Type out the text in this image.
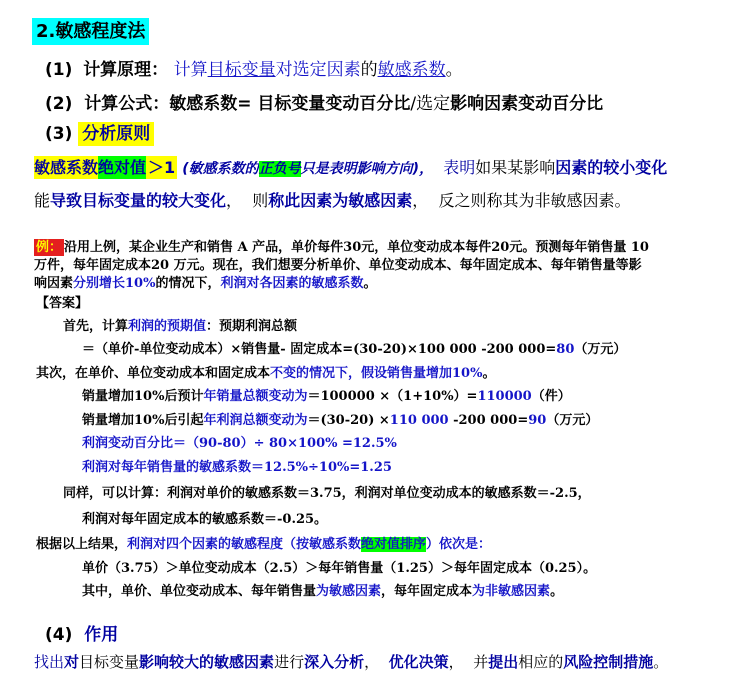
2.敏感程度法
(1) 计算原理： 计算目标变量对选定因素的敏感系数。
(2) 计算公式：敏感系数= 目标变量变动百分比/选定影响因素变动百分比
(3) 分析原则
敏感系数绝对值 ＞1 (敏感系数的正负号只是表明影响方向)， 表明如果某影响因素的较小变化
能导致目标变量的较大变化， 则称此因素为敏感因素， 反之则称其为非敏感因素。
例： 沿用上例，某企业生产和销售 A 产品，单价每件30元，单位变动成本每件20元。预测每年销售量 10
万件，每年固定成本20 万元。现在，我们想要分析单价、单位变动成本、每年固定成本、每年销售量等影
响因素分别增长10%的情况下，利润对各因素的敏感系数。
【答案】
首先，计算利润的预期值：预期利润总额
＝（单价-单位变动成本）×销售量- 固定成本=(30-20)×100 000 -200 000=80（万元）
其次，在单价、单位变动成本和固定成本不变的情况下，假设销售量增加10%。
销量增加10%后预计年销量总额变动为＝100000 ×（1+10%）=110000（件）
销量增加10%后引起年利润总额变动为＝(30-20) ×110 000 -200 000=90（万元）
利润变动百分比＝（90-80）÷ 80×100% =12.5%
利润对每年销售量的敏感系数＝12.5%÷10%=1.25
同样，可以计算：利润对单价的敏感系数＝3.75，利润对单位变动成本的敏感系数＝-2.5，
利润对每年固定成本的敏感系数＝-0.25。
根据以上结果，利润对四个因素的敏感程度（按敏感系数绝对值排序）依次是：
单价（3.75）＞单位变动成本（2.5）＞每年销售量（1.25）＞每年固定成本（0.25）。
其中，单价、单位变动成本、每年销售量为敏感因素，每年固定成本为非敏感因素。
(4) 作用
找出对目标变量影响较大的敏感因素进行深入分析， 优化决策， 并提出相应的风险控制措施。
